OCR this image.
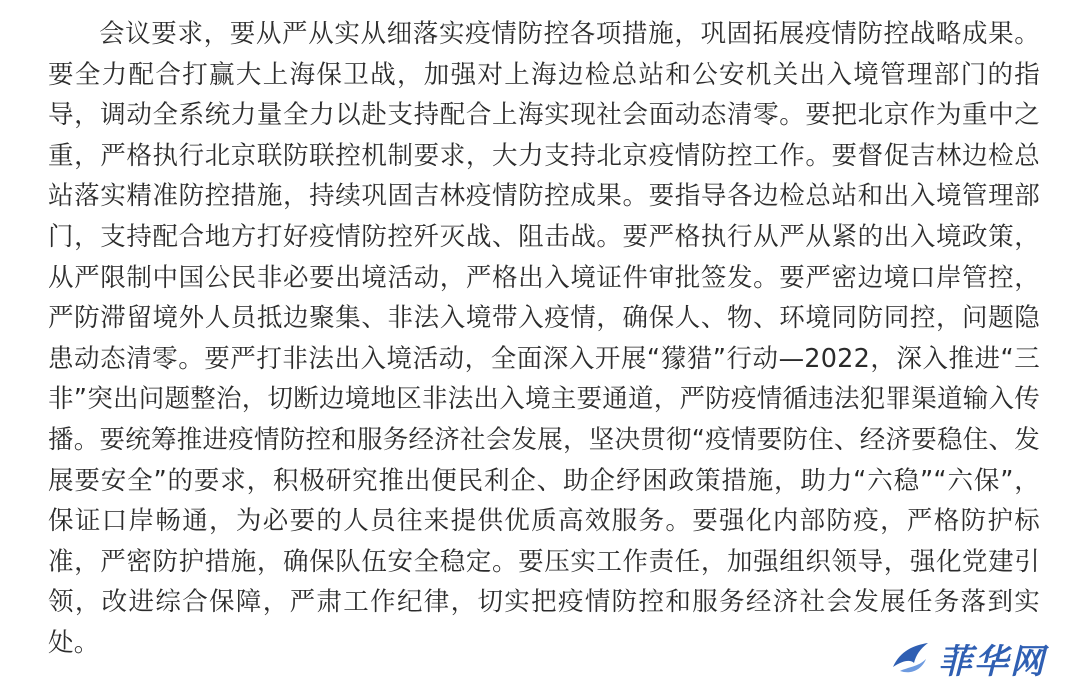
会议要求，要从严从实从细落实疫情防控各项措施，巩固拓展疫情防控战略成果。要全力配合打赢大上海保卫战，加强对上海边检总站和公安机关出入境管理部门的指导，调动全系统力量全力以赴支持配合上海实现社会面动态清零。要把北京作为重中之重，严格执行北京联防联控机制要求，大力支持北京疫情防控工作。要督促吉林边检总站落实精准防控措施，持续巩固吉林疫情防控成果。要指导各边检总站和出入境管理部门，支持配合地方打好疫情防控歼灭战、阻击战。要严格执行从严从紧的出入境政策，从严限制中国公民非必要出境活动，严格出入境证件审批签发。要严密边境口岸管控，严防滞留境外人员抵边聚集、非法入境带入疫情，确保人、物、环境同防同控，问题隐患动态清零。要严打非法出入境活动，全面深入开展“獴猎”行动—2022，深入推进“三非”突出问题整治，切断边境地区非法出入境主要通道，严防疫情循违法犯罪渠道输入传播。要统筹推进疫情防控和服务经济社会发展，坚决贯彻“疫情要防住、经济要稳住、发展要安全”的要求，积极研究推出便民利企、助企纾困政策措施，助力“六稳”“六保”，保证口岸畅通，为必要的人员往来提供优质高效服务。要强化内部防疫，严格防护标准，严密防护措施，确保队伍安全稳定。要压实工作责任，加强组织领导，强化党建引领，改进综合保障，严肃工作纪律，切实把疫情防控和服务经济社会发展任务落到实处。	菲华网
